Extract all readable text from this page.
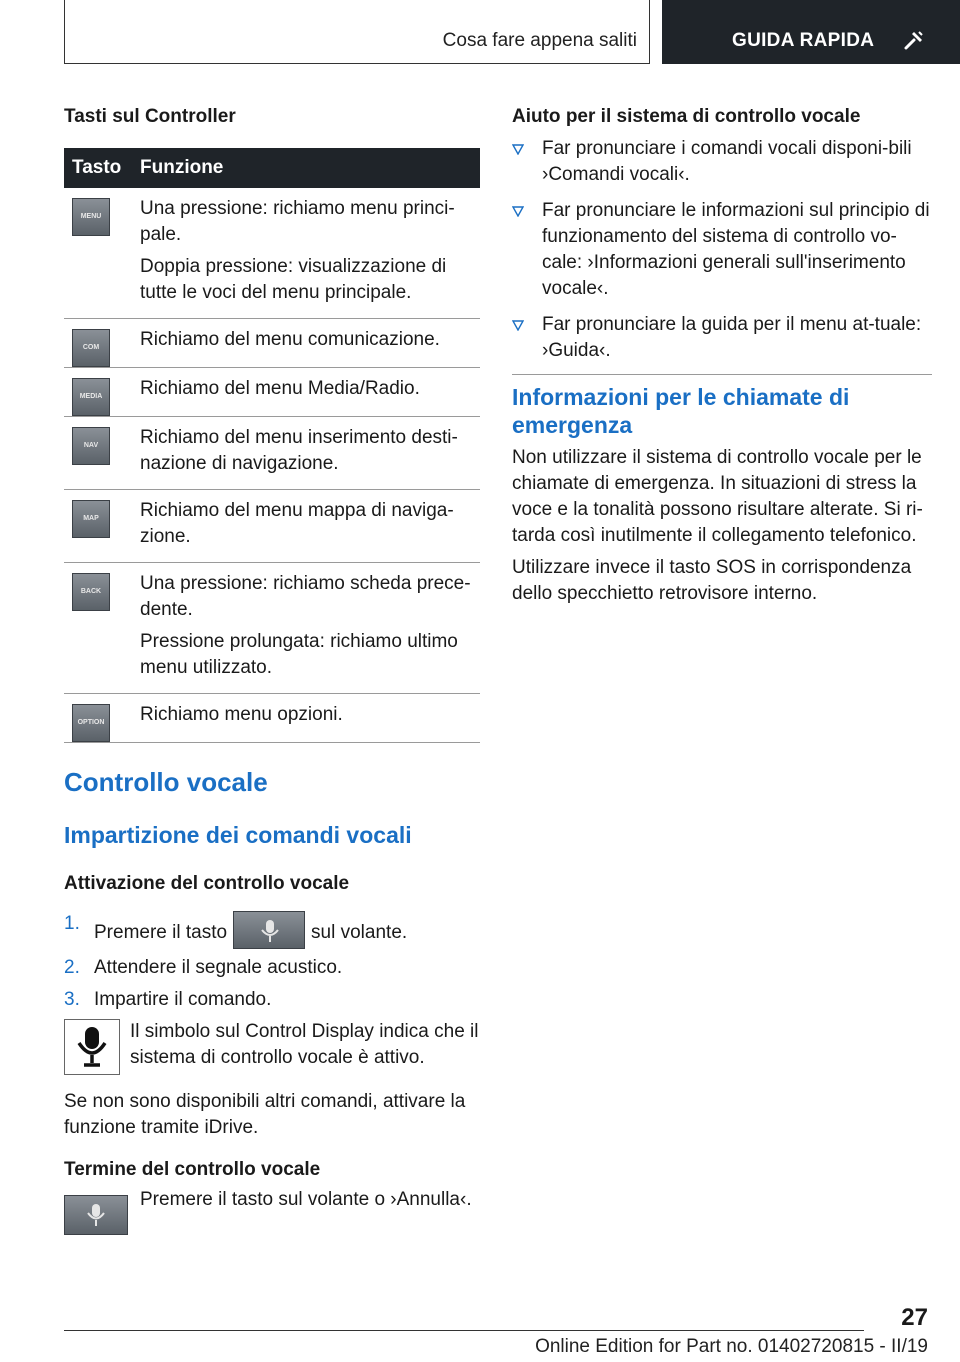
Cosa fare appena saliti	GUIDA RAPIDA
Tasti sul Controller
Tasto	Funzione

MENU	Una pressione: richiamo menu princi-pale.

Doppia pressione: visualizzazione di tutte le voci del menu principale.

COM	Richiamo del menu comunicazione.

MEDIA	Richiamo del menu Media/Radio.

NAV	Richiamo del menu inserimento desti-nazione di navigazione.

MAP	Richiamo del menu mappa di naviga-zione.

BACK	Una pressione: richiamo scheda prece-dente.

Pressione prolungata: richiamo ultimo menu utilizzato.

OPTION	Richiamo menu opzioni.

Controllo vocale
Impartizione dei comandi vocali
Attivazione del controllo vocale
1. Premere il tasto	sul volante.
2. Attendere il segnale acustico.
3. Impartire il comando.
Il simbolo sul Control Display indica che il sistema di controllo vocale è attivo.

Se non sono disponibili altri comandi, attivare la funzione tramite iDrive.

Termine del controllo vocale
Premere il tasto sul volante o ›Annulla‹.
Aiuto per il sistema di controllo vocale
Far pronunciare i comandi vocali disponi-bili ›Comandi vocali‹.
Far pronunciare le informazioni sul principio di funzionamento del sistema di controllo vo-cale: ›Informazioni generali sull'inserimento vocale‹.
Far pronunciare la guida per il menu at-tuale: ›Guida‹.
Informazioni per le chiamate di emergenza

Non utilizzare il sistema di controllo vocale per le chiamate di emergenza. In situazioni di stress la voce e la tonalità possono risultare alterate. Si ri-tarda così inutilmente il collegamento telefonico.

Utilizzare invece il tasto SOS in corrispondenza dello specchietto retrovisore interno.

27
Online Edition for Part no. 01402720815 - II/19
